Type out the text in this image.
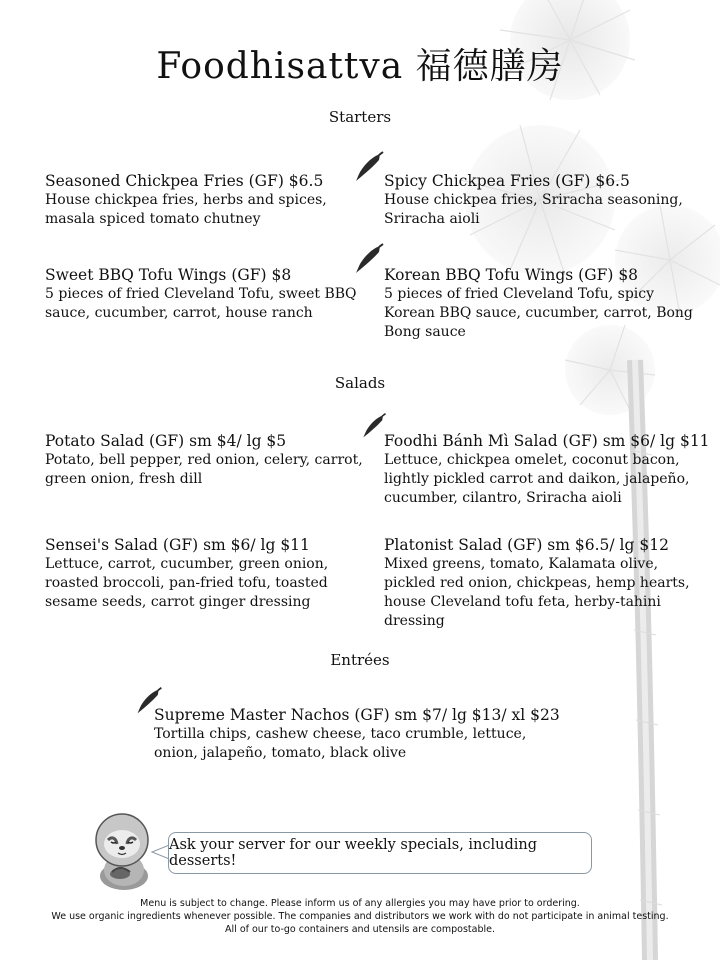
Foodhisattva 福德膳房
Starters
Seasoned Chickpea Fries (GF) $6.5
House chickpea fries, herbs and spices, masala spiced tomato chutney
Spicy Chickpea Fries (GF) $6.5
House chickpea fries, Sriracha seasoning, Sriracha aioli
Sweet BBQ Tofu Wings (GF) $8
5 pieces of fried Cleveland Tofu, sweet BBQ sauce, cucumber, carrot, house ranch
Korean BBQ Tofu Wings (GF) $8
5 pieces of fried Cleveland Tofu, spicy Korean BBQ sauce, cucumber, carrot, Bong Bong sauce
Salads
Potato Salad (GF) sm $4/ lg $5
Potato, bell pepper, red onion, celery, carrot, green onion, fresh dill
Foodhi Bánh Mì Salad (GF) sm $6/ lg $11
Lettuce, chickpea omelet, coconut bacon, lightly pickled carrot and daikon, jalapeño, cucumber, cilantro, Sriracha aioli
Sensei's Salad (GF) sm $6/ lg $11
Lettuce, carrot, cucumber, green onion, roasted broccoli, pan-fried tofu, toasted sesame seeds, carrot ginger dressing
Platonist Salad (GF) sm $6.5/ lg $12
Mixed greens, tomato, Kalamata olive, pickled red onion, chickpeas, hemp hearts, house Cleveland tofu feta, herby-tahini dressing
Entrées
Supreme Master Nachos (GF) sm $7/ lg $13/ xl $23
Tortilla chips, cashew cheese, taco crumble, lettuce, onion, jalapeño, tomato, black olive
Ask your server for our weekly specials, including desserts!
Menu is subject to change. Please inform us of any allergies you may have prior to ordering.
We use organic ingredients whenever possible. The companies and distributors we work with do not participate in animal testing.
All of our to-go containers and utensils are compostable.
